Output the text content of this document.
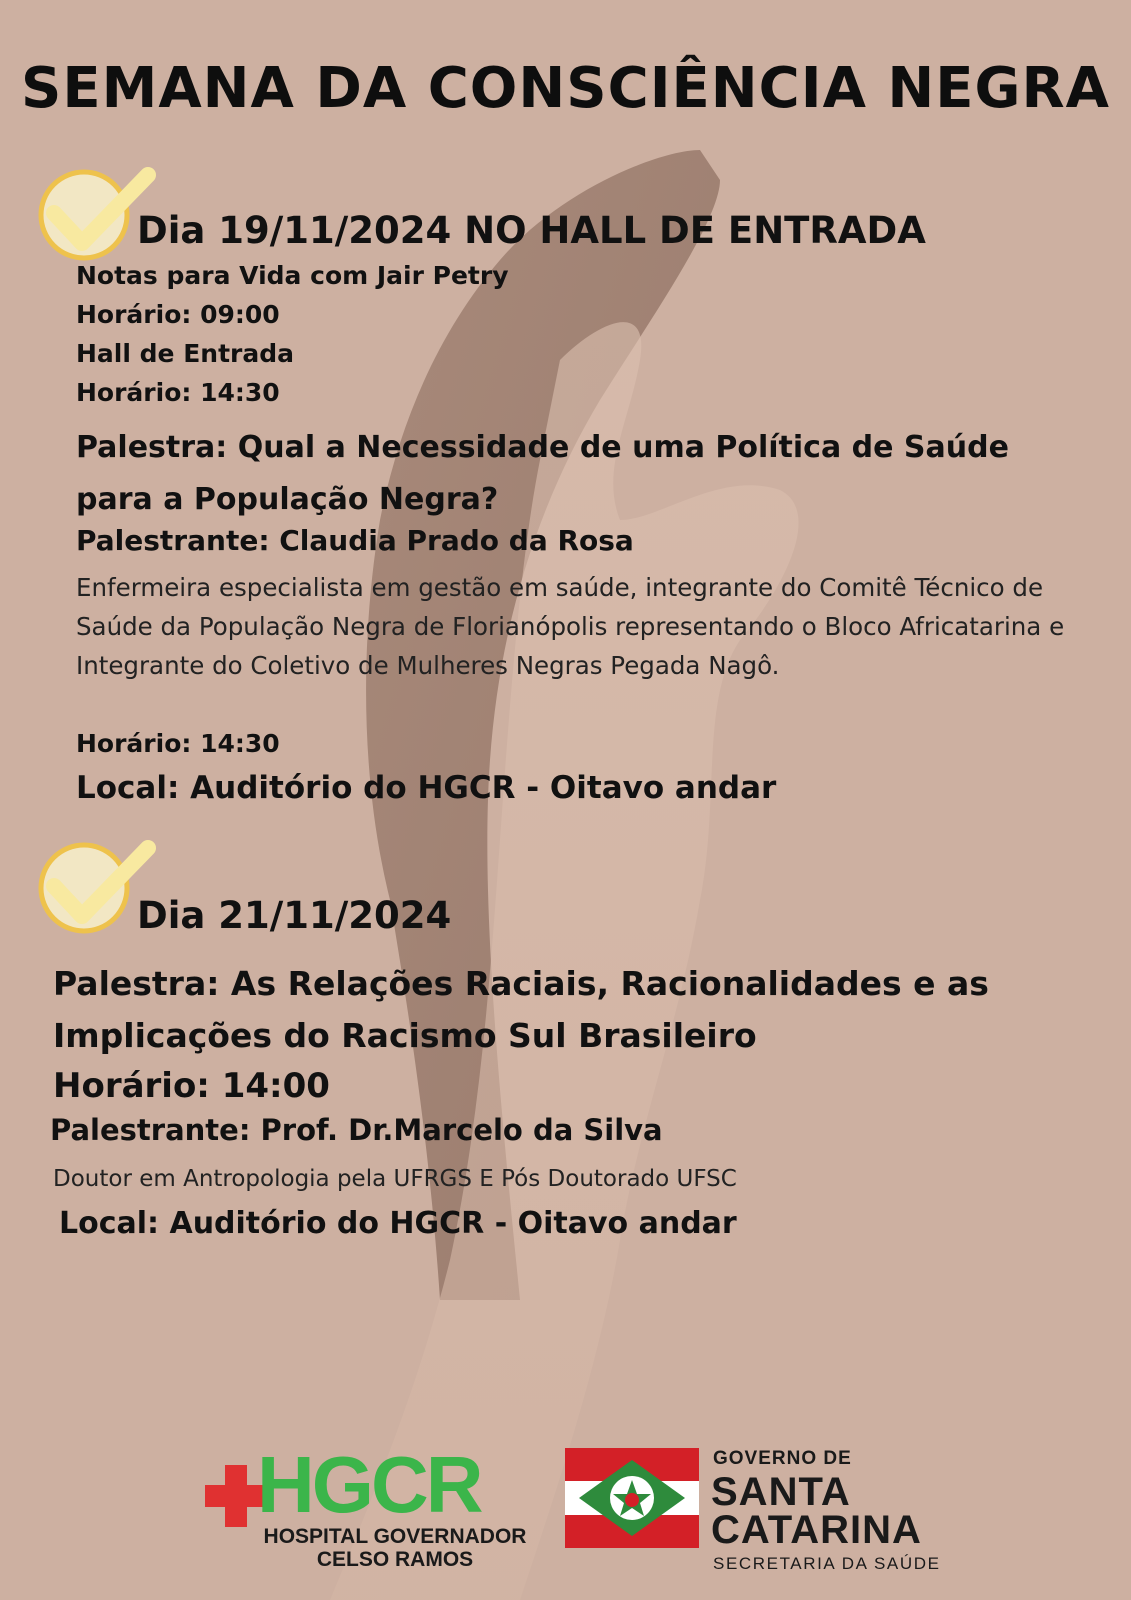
SEMANA DA CONSCIÊNCIA NEGRA
Dia 19/11/2024 NO HALL DE ENTRADA
Notas para Vida com Jair Petry
Horário: 09:00
Hall de Entrada
Horário: 14:30
Palestra: Qual a Necessidade de uma Política de Saúde para a População Negra?
Palestrante: Claudia Prado da Rosa
Enfermeira especialista em gestão em saúde, integrante do Comitê Técnico de Saúde da População Negra de Florianópolis representando o Bloco Africatarina e Integrante do Coletivo de Mulheres Negras Pegada Nagô.
Horário: 14:30
Local: Auditório do HGCR - Oitavo andar
Dia 21/11/2024
Palestra: As Relações Raciais, Racionalidades e as Implicações do Racismo Sul Brasileiro
Horário: 14:00
Palestrante: Prof. Dr.Marcelo da Silva
Doutor em Antropologia pela UFRGS E Pós Doutorado UFSC
Local: Auditório do HGCR - Oitavo andar
HGCR
HOSPITAL GOVERNADOR
CELSO RAMOS
GOVERNO DE
SANTA
CATARINA
SECRETARIA DA SAÚDE
